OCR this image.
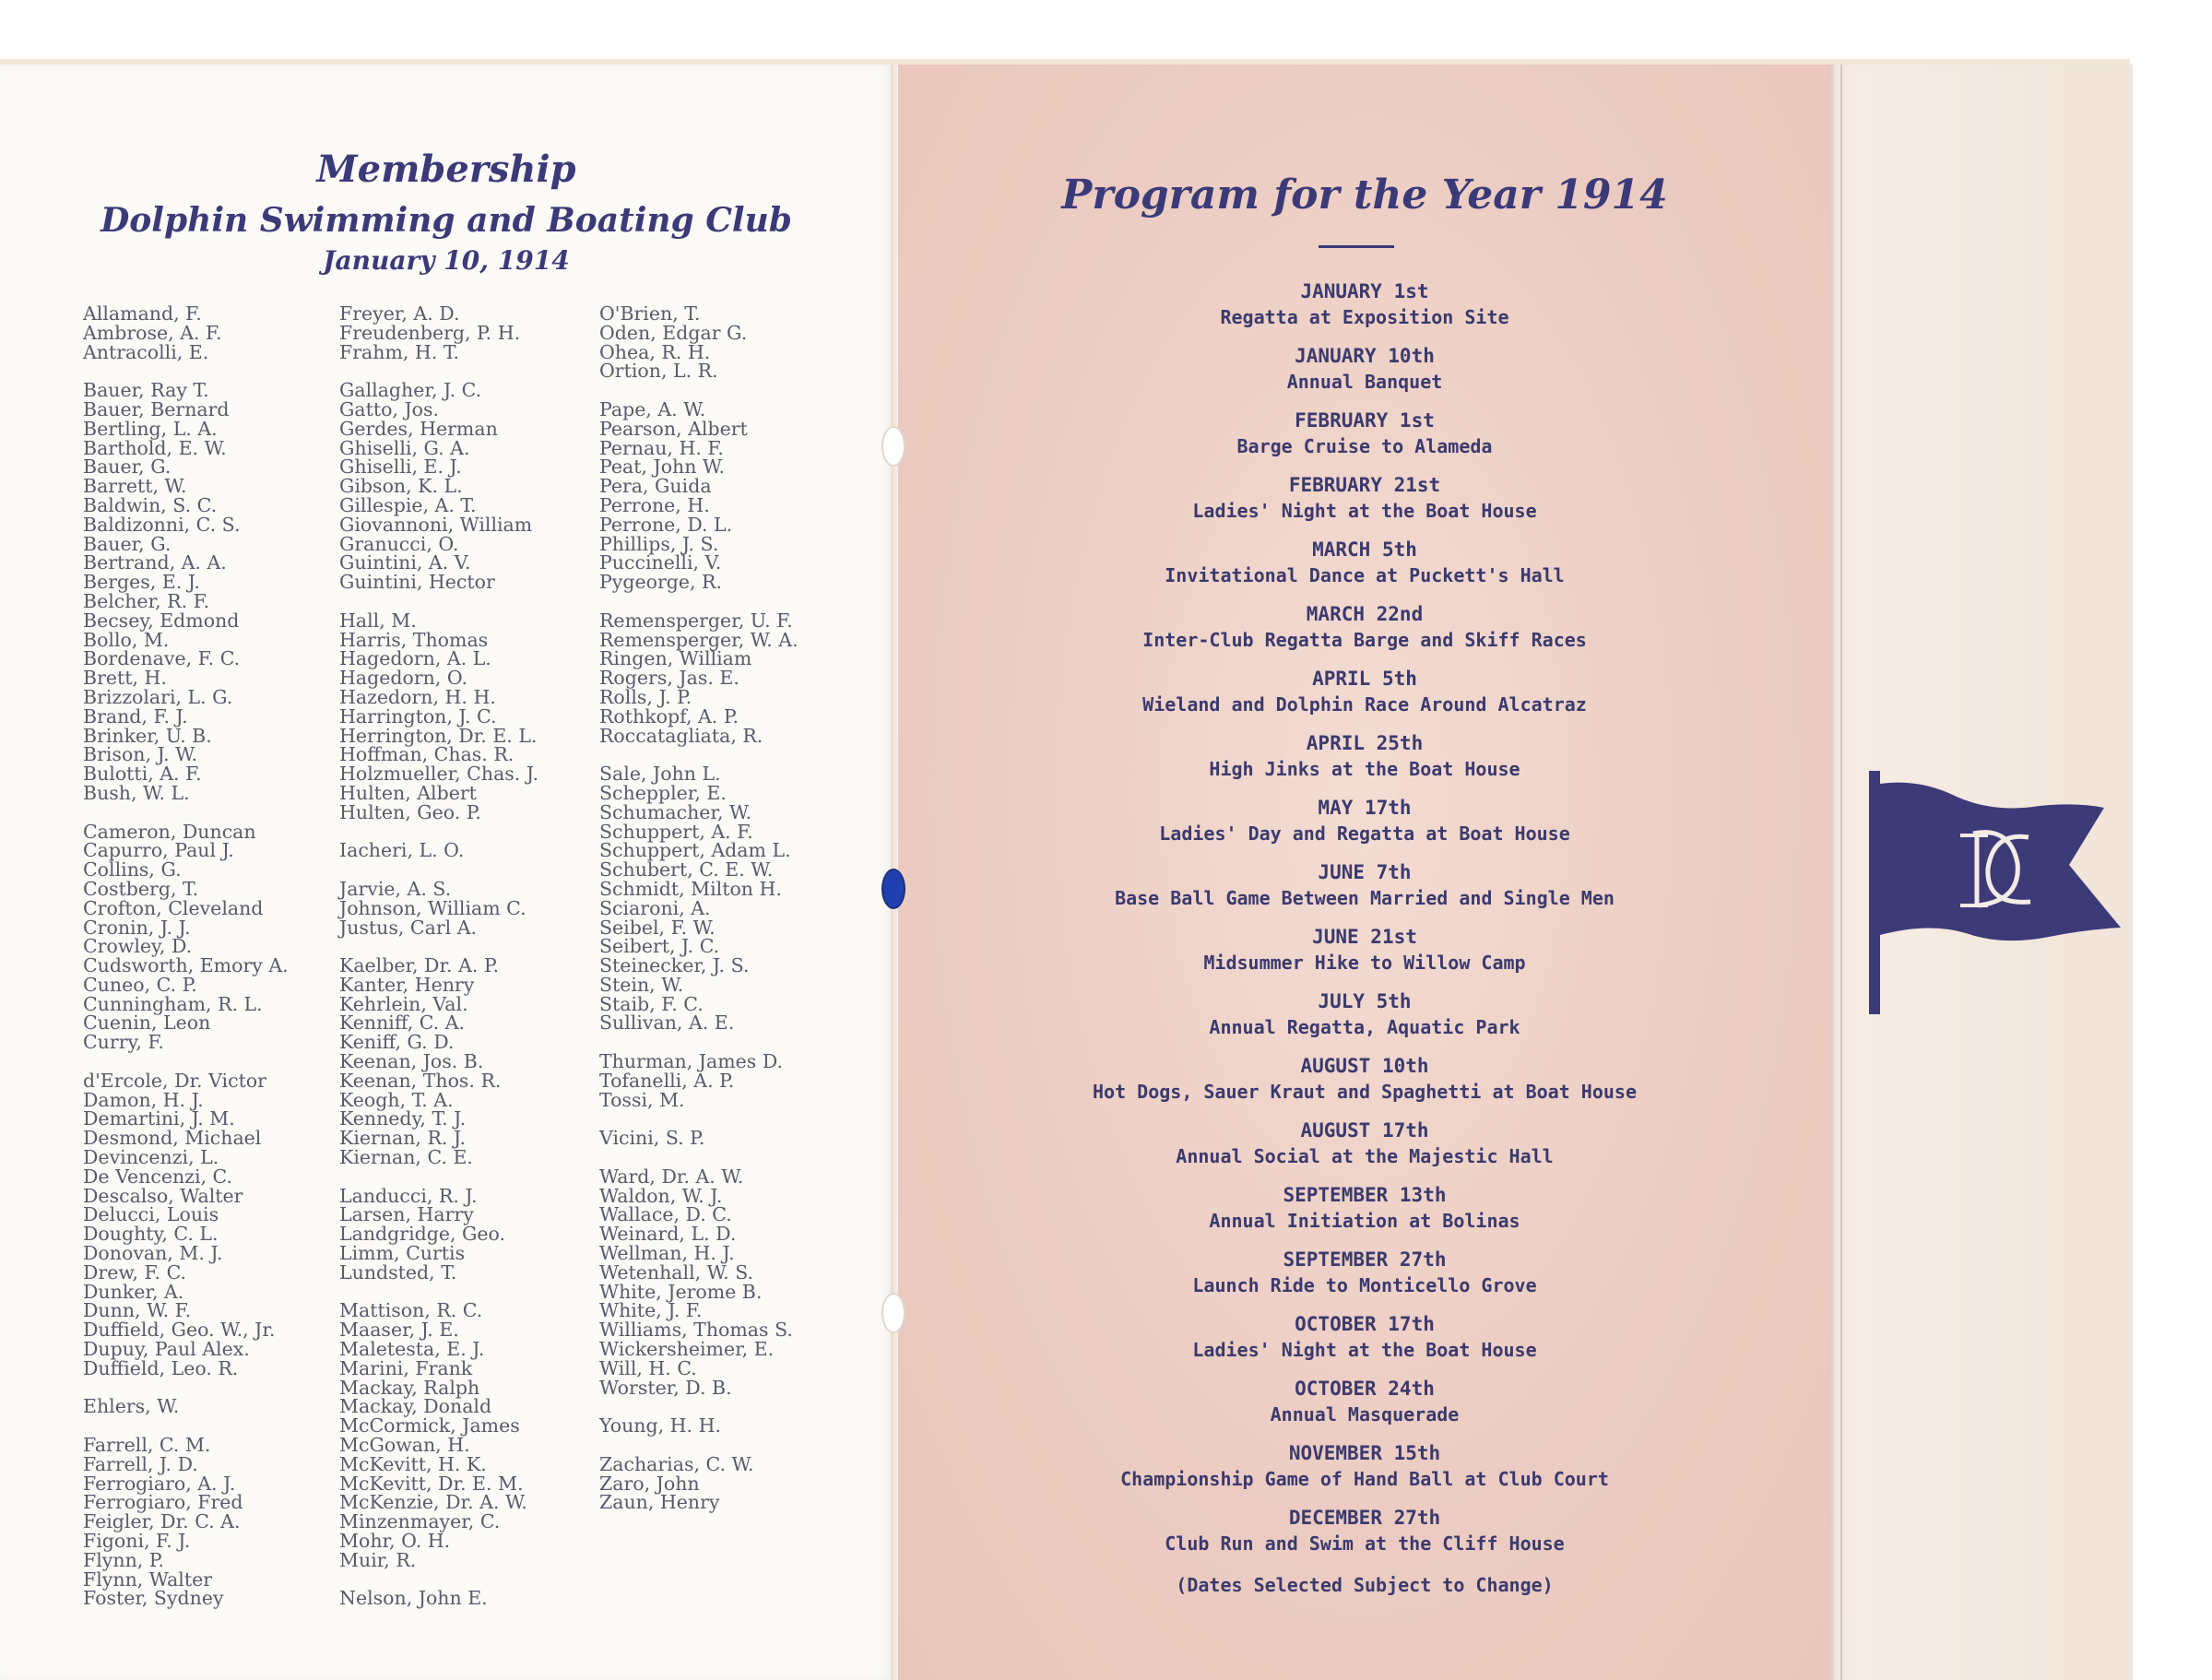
Membership
Dolphin Swimming and Boating Club
January 10, 1914
Allamand, F.
Ambrose, A. F.
Antracolli, E.
Bauer, Ray T.
Bauer, Bernard
Bertling, L. A.
Barthold, E. W.
Bauer, G.
Barrett, W.
Baldwin, S. C.
Baldizonni, C. S.
Bauer, G.
Bertrand, A. A.
Berges, E. J.
Belcher, R. F.
Becsey, Edmond
Bollo, M.
Bordenave, F. C.
Brett, H.
Brizzolari, L. G.
Brand, F. J.
Brinker, U. B.
Brison, J. W.
Bulotti, A. F.
Bush, W. L.
Cameron, Duncan
Capurro, Paul J.
Collins, G.
Costberg, T.
Crofton, Cleveland
Cronin, J. J.
Crowley, D.
Cudsworth, Emory A.
Cuneo, C. P.
Cunningham, R. L.
Cuenin, Leon
Curry, F.
d'Ercole, Dr. Victor
Damon, H. J.
Demartini, J. M.
Desmond, Michael
Devincenzi, L.
De Vencenzi, C.
Descalso, Walter
Delucci, Louis
Doughty, C. L.
Donovan, M. J.
Drew, F. C.
Dunker, A.
Dunn, W. F.
Duffield, Geo. W., Jr.
Dupuy, Paul Alex.
Duffield, Leo. R.
Ehlers, W.
Farrell, C. M.
Farrell, J. D.
Ferrogiaro, A. J.
Ferrogiaro, Fred
Feigler, Dr. C. A.
Figoni, F. J.
Flynn, P.
Flynn, Walter
Foster, Sydney
Freyer, A. D.
Freudenberg, P. H.
Frahm, H. T.
Gallagher, J. C.
Gatto, Jos.
Gerdes, Herman
Ghiselli, G. A.
Ghiselli, E. J.
Gibson, K. L.
Gillespie, A. T.
Giovannoni, William
Granucci, O.
Guintini, A. V.
Guintini, Hector
Hall, M.
Harris, Thomas
Hagedorn, A. L.
Hagedorn, O.
Hazedorn, H. H.
Harrington, J. C.
Herrington, Dr. E. L.
Hoffman, Chas. R.
Holzmueller, Chas. J.
Hulten, Albert
Hulten, Geo. P.
Iacheri, L. O.
Jarvie, A. S.
Johnson, William C.
Justus, Carl A.
Kaelber, Dr. A. P.
Kanter, Henry
Kehrlein, Val.
Kenniff, C. A.
Keniff, G. D.
Keenan, Jos. B.
Keenan, Thos. R.
Keogh, T. A.
Kennedy, T. J.
Kiernan, R. J.
Kiernan, C. E.
Landucci, R. J.
Larsen, Harry
Landgridge, Geo.
Limm, Curtis
Lundsted, T.
Mattison, R. C.
Maaser, J. E.
Maletesta, E. J.
Marini, Frank
Mackay, Ralph
Mackay, Donald
McCormick, James
McGowan, H.
McKevitt, H. K.
McKevitt, Dr. E. M.
McKenzie, Dr. A. W.
Minzenmayer, C.
Mohr, O. H.
Muir, R.
Nelson, John E.
O'Brien, T.
Oden, Edgar G.
Ohea, R. H.
Ortion, L. R.
Pape, A. W.
Pearson, Albert
Pernau, H. F.
Peat, John W.
Pera, Guida
Perrone, H.
Perrone, D. L.
Phillips, J. S.
Puccinelli, V.
Pygeorge, R.
Remensperger, U. F.
Remensperger, W. A.
Ringen, William
Rogers, Jas. E.
Rolls, J. P.
Rothkopf, A. P.
Roccatagliata, R.
Sale, John L.
Scheppler, E.
Schumacher, W.
Schuppert, A. F.
Schuppert, Adam L.
Schubert, C. E. W.
Schmidt, Milton H.
Sciaroni, A.
Seibel, F. W.
Seibert, J. C.
Steinecker, J. S.
Stein, W.
Staib, F. C.
Sullivan, A. E.
Thurman, James D.
Tofanelli, A. P.
Tossi, M.
Vicini, S. P.
Ward, Dr. A. W.
Waldon, W. J.
Wallace, D. C.
Weinard, L. D.
Wellman, H. J.
Wetenhall, W. S.
White, Jerome B.
White, J. F.
Williams, Thomas S.
Wickersheimer, E.
Will, H. C.
Worster, D. B.
Young, H. H.
Zacharias, C. W.
Zaro, John
Zaun, Henry
Program for the Year 1914
JANUARY 1st
Regatta at Exposition Site
JANUARY 10th
Annual Banquet
FEBRUARY 1st
Barge Cruise to Alameda
FEBRUARY 21st
Ladies' Night at the Boat House
MARCH 5th
Invitational Dance at Puckett's Hall
MARCH 22nd
Inter-Club Regatta Barge and Skiff Races
APRIL 5th
Wieland and Dolphin Race Around Alcatraz
APRIL 25th
High Jinks at the Boat House
MAY 17th
Ladies' Day and Regatta at Boat House
JUNE 7th
Base Ball Game Between Married and Single Men
JUNE 21st
Midsummer Hike to Willow Camp
JULY 5th
Annual Regatta, Aquatic Park
AUGUST 10th
Hot Dogs, Sauer Kraut and Spaghetti at Boat House
AUGUST 17th
Annual Social at the Majestic Hall
SEPTEMBER 13th
Annual Initiation at Bolinas
SEPTEMBER 27th
Launch Ride to Monticello Grove
OCTOBER 17th
Ladies' Night at the Boat House
OCTOBER 24th
Annual Masquerade
NOVEMBER 15th
Championship Game of Hand Ball at Club Court
DECEMBER 27th
Club Run and Swim at the Cliff House
(Dates Selected Subject to Change)
